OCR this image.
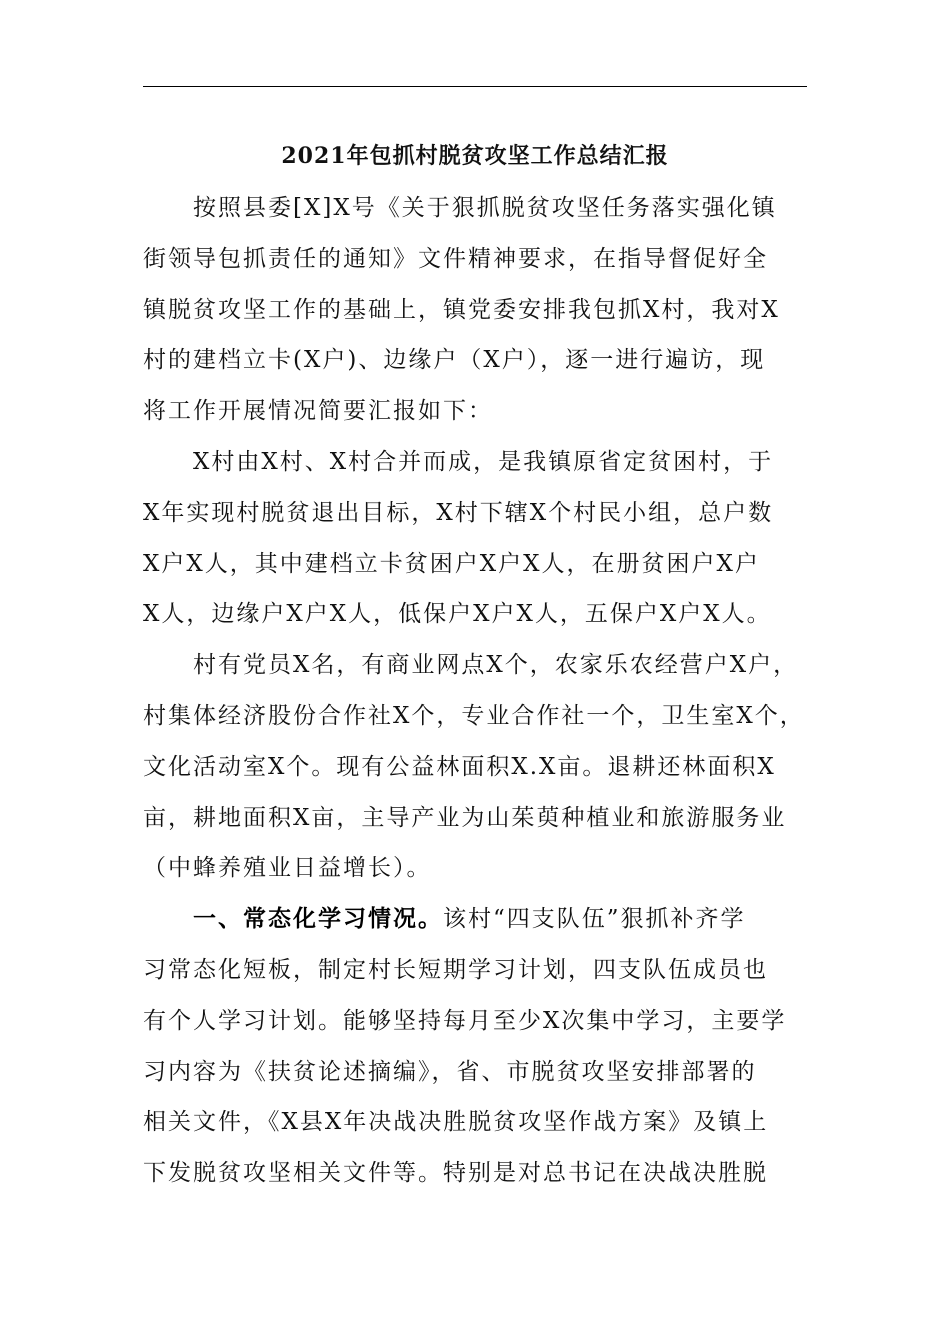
2021年包抓村脱贫攻坚工作总结汇报
按照县委[X]X号《关于狠抓脱贫攻坚任务落实强化镇
街领导包抓责任的通知》文件精神要求，在指导督促好全
镇脱贫攻坚工作的基础上，镇党委安排我包抓X村，我对X
村的建档立卡(X户)、边缘户（X户），逐一进行遍访，现
将工作开展情况简要汇报如下：
X村由X村、X村合并而成，是我镇原省定贫困村，于
X年实现村脱贫退出目标，X村下辖X个村民小组，总户数
X户X人，其中建档立卡贫困户X户X人，在册贫困户X户
X人，边缘户X户X人，低保户X户X人，五保户X户X人。
村有党员X名，有商业网点X个，农家乐农经营户X户，
村集体经济股份合作社X个，专业合作社一个，卫生室X个，
文化活动室X个。现有公益林面积X.X亩。退耕还林面积X
亩，耕地面积X亩，主导产业为山茱萸种植业和旅游服务业
（中蜂养殖业日益增长）。
一、常态化学习情况。该村“四支队伍”狠抓补齐学
习常态化短板，制定村长短期学习计划，四支队伍成员也
有个人学习计划。能够坚持每月至少X次集中学习，主要学
习内容为《扶贫论述摘编》，省、市脱贫攻坚安排部署的
相关文件，《X县X年决战决胜脱贫攻坚作战方案》及镇上
下发脱贫攻坚相关文件等。特别是对总书记在决战决胜脱
